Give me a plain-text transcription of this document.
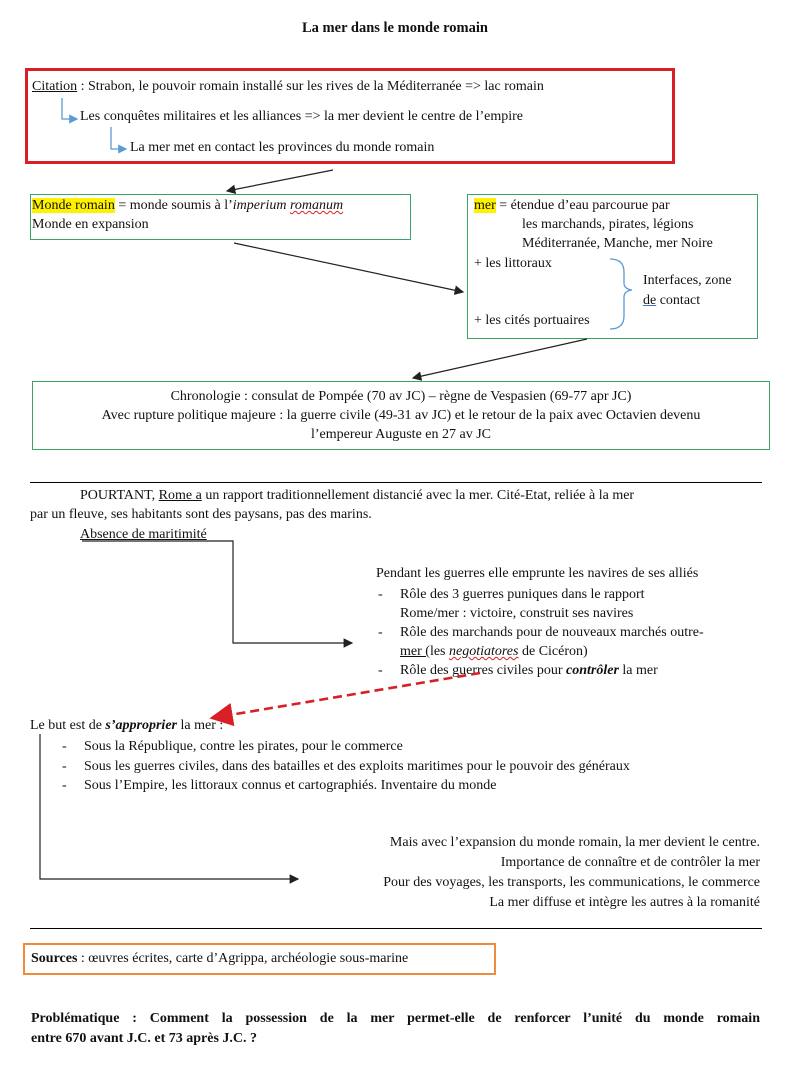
La mer dans le monde romain
Citation : Strabon, le pouvoir romain installé sur les rives de la Méditerranée => lac romain
Les conquêtes militaires et les alliances => la mer devient le centre de l’empire
La mer met en contact les provinces du monde romain
Monde romain = monde soumis à l’imperium romanum
Monde en expansion
mer = étendue d’eau parcourue par
les marchands, pirates, légions
Méditerranée, Manche, mer Noire
+ les littoraux
Interfaces, zone
de contact
+ les cités portuaires
Chronologie : consulat de Pompée (70 av JC) – règne de Vespasien (69-77 apr JC)
Avec rupture politique majeure : la guerre civile (49-31 av JC) et le retour de la paix avec Octavien devenu
l’empereur Auguste en 27 av JC
POURTANT, Rome a un rapport traditionnellement distancié avec la mer. Cité-Etat, reliée à la mer
par un fleuve, ses habitants sont des paysans, pas des marins.
Absence de maritimité
Pendant les guerres elle emprunte les navires de ses alliés
- Rôle des 3 guerres puniques dans le rapport
Rome/mer : victoire, construit ses navires
- Rôle des marchands pour de nouveaux marchés outre-
mer (les negotiatores de Cicéron)
- Rôle des guerres civiles pour contrôler la mer
Le but est de s’approprier la mer :
- Sous la République, contre les pirates, pour le commerce
- Sous les guerres civiles, dans des batailles et des exploits maritimes pour le pouvoir des généraux
- Sous l’Empire, les littoraux connus et cartographiés. Inventaire du monde
Mais avec l’expansion du monde romain, la mer devient le centre.
Importance de connaître et de contrôler la mer
Pour des voyages, les transports, les communications, le commerce
La mer diffuse et intègre les autres à la romanité
Sources : œuvres écrites, carte d’Agrippa, archéologie sous-marine
Problématique : Comment la possession de la mer permet-elle de renforcer l’unité du monde romain
entre 670 avant J.C. et 73 après J.C. ?
